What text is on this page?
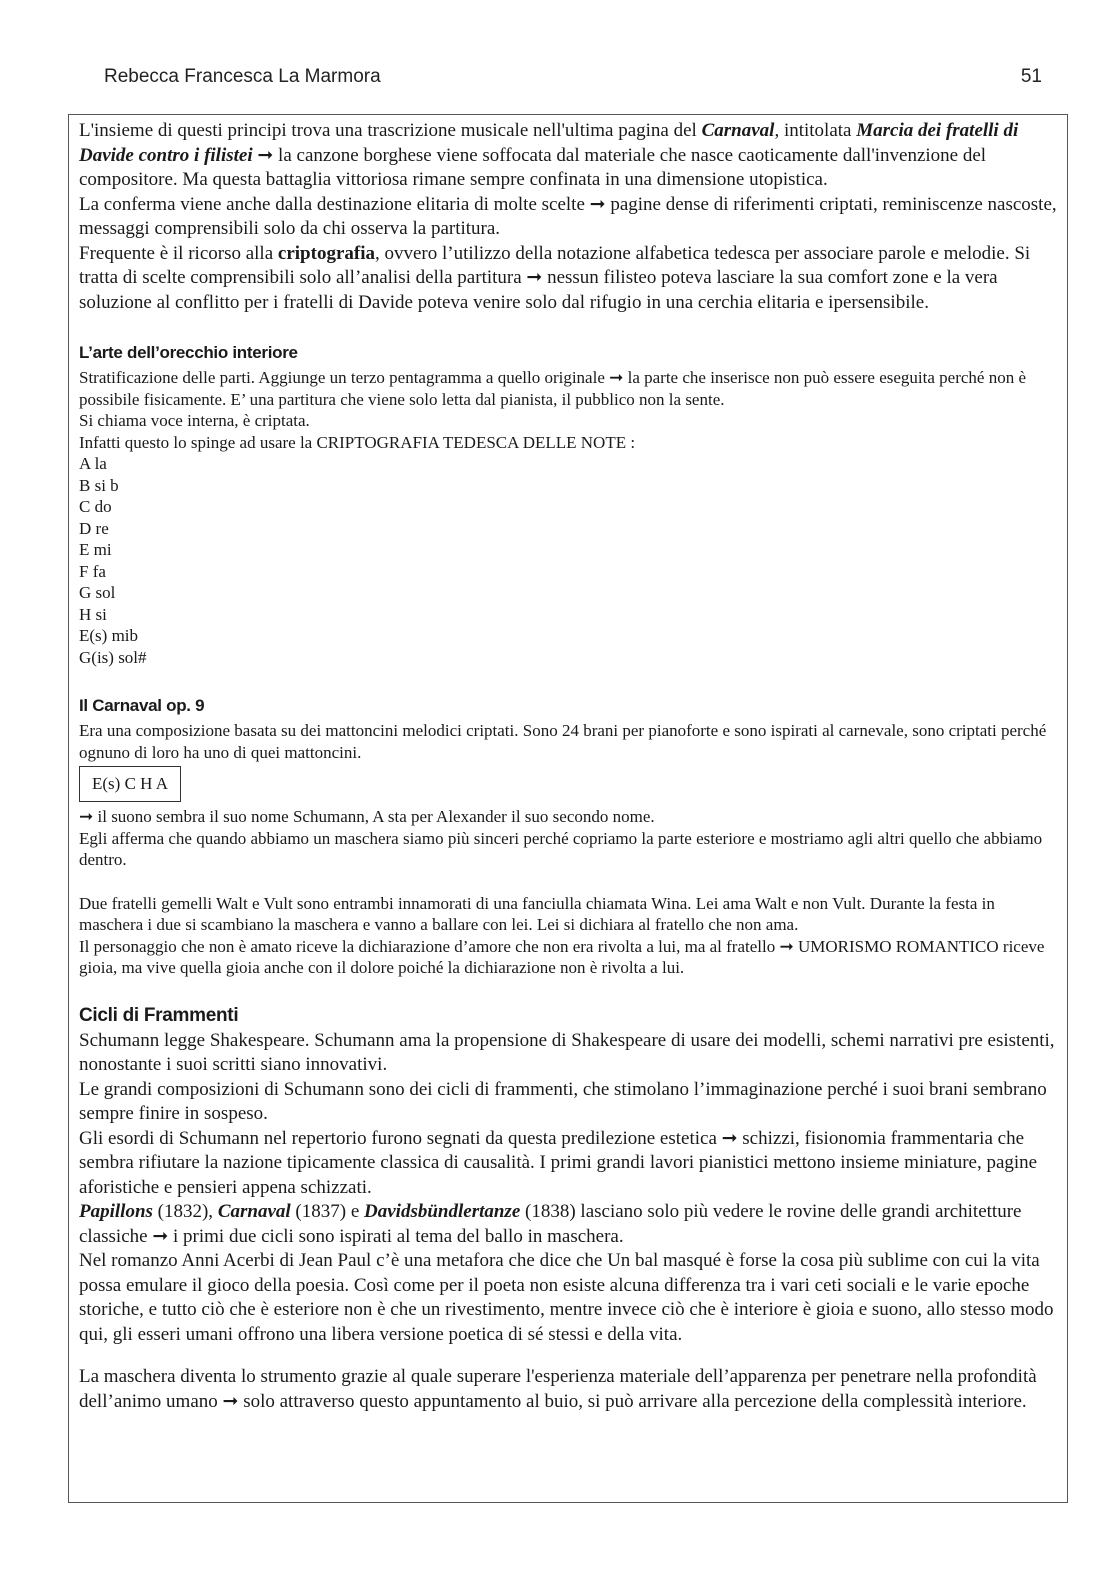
Rebecca Francesca La Marmora	51

L'insieme di questi principi trova una trascrizione musicale nell'ultima pagina del Carnaval, intitolata Marcia dei fratelli di Davide contro i filistei ➞ la canzone borghese viene soffocata dal materiale che nasce caoticamente dall'invenzione del compositore. Ma questa battaglia vittoriosa rimane sempre confinata in una dimensione utopistica.

La conferma viene anche dalla destinazione elitaria di molte scelte ➞ pagine dense di riferimenti criptati, reminiscenze nascoste, messaggi comprensibili solo da chi osserva la partitura.

Frequente è il ricorso alla criptografia, ovvero l’utilizzo della notazione alfabetica tedesca per associare parole e melodie. Si tratta di scelte comprensibili solo all’analisi della partitura ➞ nessun filisteo poteva lasciare la sua comfort zone e la vera soluzione al conflitto per i fratelli di Davide poteva venire solo dal rifugio in una cerchia elitaria e ipersensibile.

L’arte dell’orecchio interiore

Stratificazione delle parti. Aggiunge un terzo pentagramma a quello originale ➞ la parte che inserisce non può essere eseguita perché non è possibile fisicamente. E’ una partitura che viene solo letta dal pianista, il pubblico non la sente.

Si chiama voce interna, è criptata.

Infatti questo lo spinge ad usare la CRIPTOGRAFIA TEDESCA DELLE NOTE :

A la
B si b
C do
D re
E mi
F fa
G sol
H si
E(s) mib
G(is) sol#
Il Carnaval op. 9

Era una composizione basata su dei mattoncini melodici criptati. Sono 24 brani per pianoforte e sono ispirati al carnevale, sono criptati perché ognuno di loro ha uno di quei mattoncini.

E(s) C H A

➞ il suono sembra il suo nome Schumann, A sta per Alexander il suo secondo nome.

Egli afferma che quando abbiamo un maschera siamo più sinceri perché copriamo la parte esteriore e mostriamo agli altri quello che abbiamo dentro.

Due fratelli gemelli Walt e Vult sono entrambi innamorati di una fanciulla chiamata Wina. Lei ama Walt e non Vult. Durante la festa in maschera i due si scambiano la maschera e vanno a ballare con lei. Lei si dichiara al fratello che non ama.

Il personaggio che non è amato riceve la dichiarazione d’amore che non era rivolta a lui, ma al fratello ➞ UMORISMO ROMANTICO riceve gioia, ma vive quella gioia anche con il dolore poiché la dichiarazione non è rivolta a lui.

Cicli di Frammenti

Schumann legge Shakespeare. Schumann ama la propensione di Shakespeare di usare dei modelli, schemi narrativi pre esistenti, nonostante i suoi scritti siano innovativi.

Le grandi composizioni di Schumann sono dei cicli di frammenti, che stimolano l’immaginazione perché i suoi brani sembrano sempre finire in sospeso.

Gli esordi di Schumann nel repertorio furono segnati da questa predilezione estetica ➞ schizzi, fisionomia frammentaria che sembra rifiutare la nazione tipicamente classica di causalità. I primi grandi lavori pianistici mettono insieme miniature, pagine aforistiche e pensieri appena schizzati.

Papillons (1832), Carnaval (1837) e Davidsbündlertanze (1838) lasciano solo più vedere le rovine delle grandi architetture classiche ➞ i primi due cicli sono ispirati al tema del ballo in maschera.

Nel romanzo Anni Acerbi di Jean Paul c’è una metafora che dice che Un bal masqué è forse la cosa più sublime con cui la vita possa emulare il gioco della poesia. Così come per il poeta non esiste alcuna differenza tra i vari ceti sociali e le varie epoche storiche, e tutto ciò che è esteriore non è che un rivestimento, mentre invece ciò che è interiore è gioia e suono, allo stesso modo qui, gli esseri umani offrono una libera versione poetica di sé stessi e della vita.

La maschera diventa lo strumento grazie al quale superare l'esperienza materiale dell’apparenza per penetrare nella profondità dell’animo umano ➞ solo attraverso questo appuntamento al buio, si può arrivare alla percezione della complessità interiore.
